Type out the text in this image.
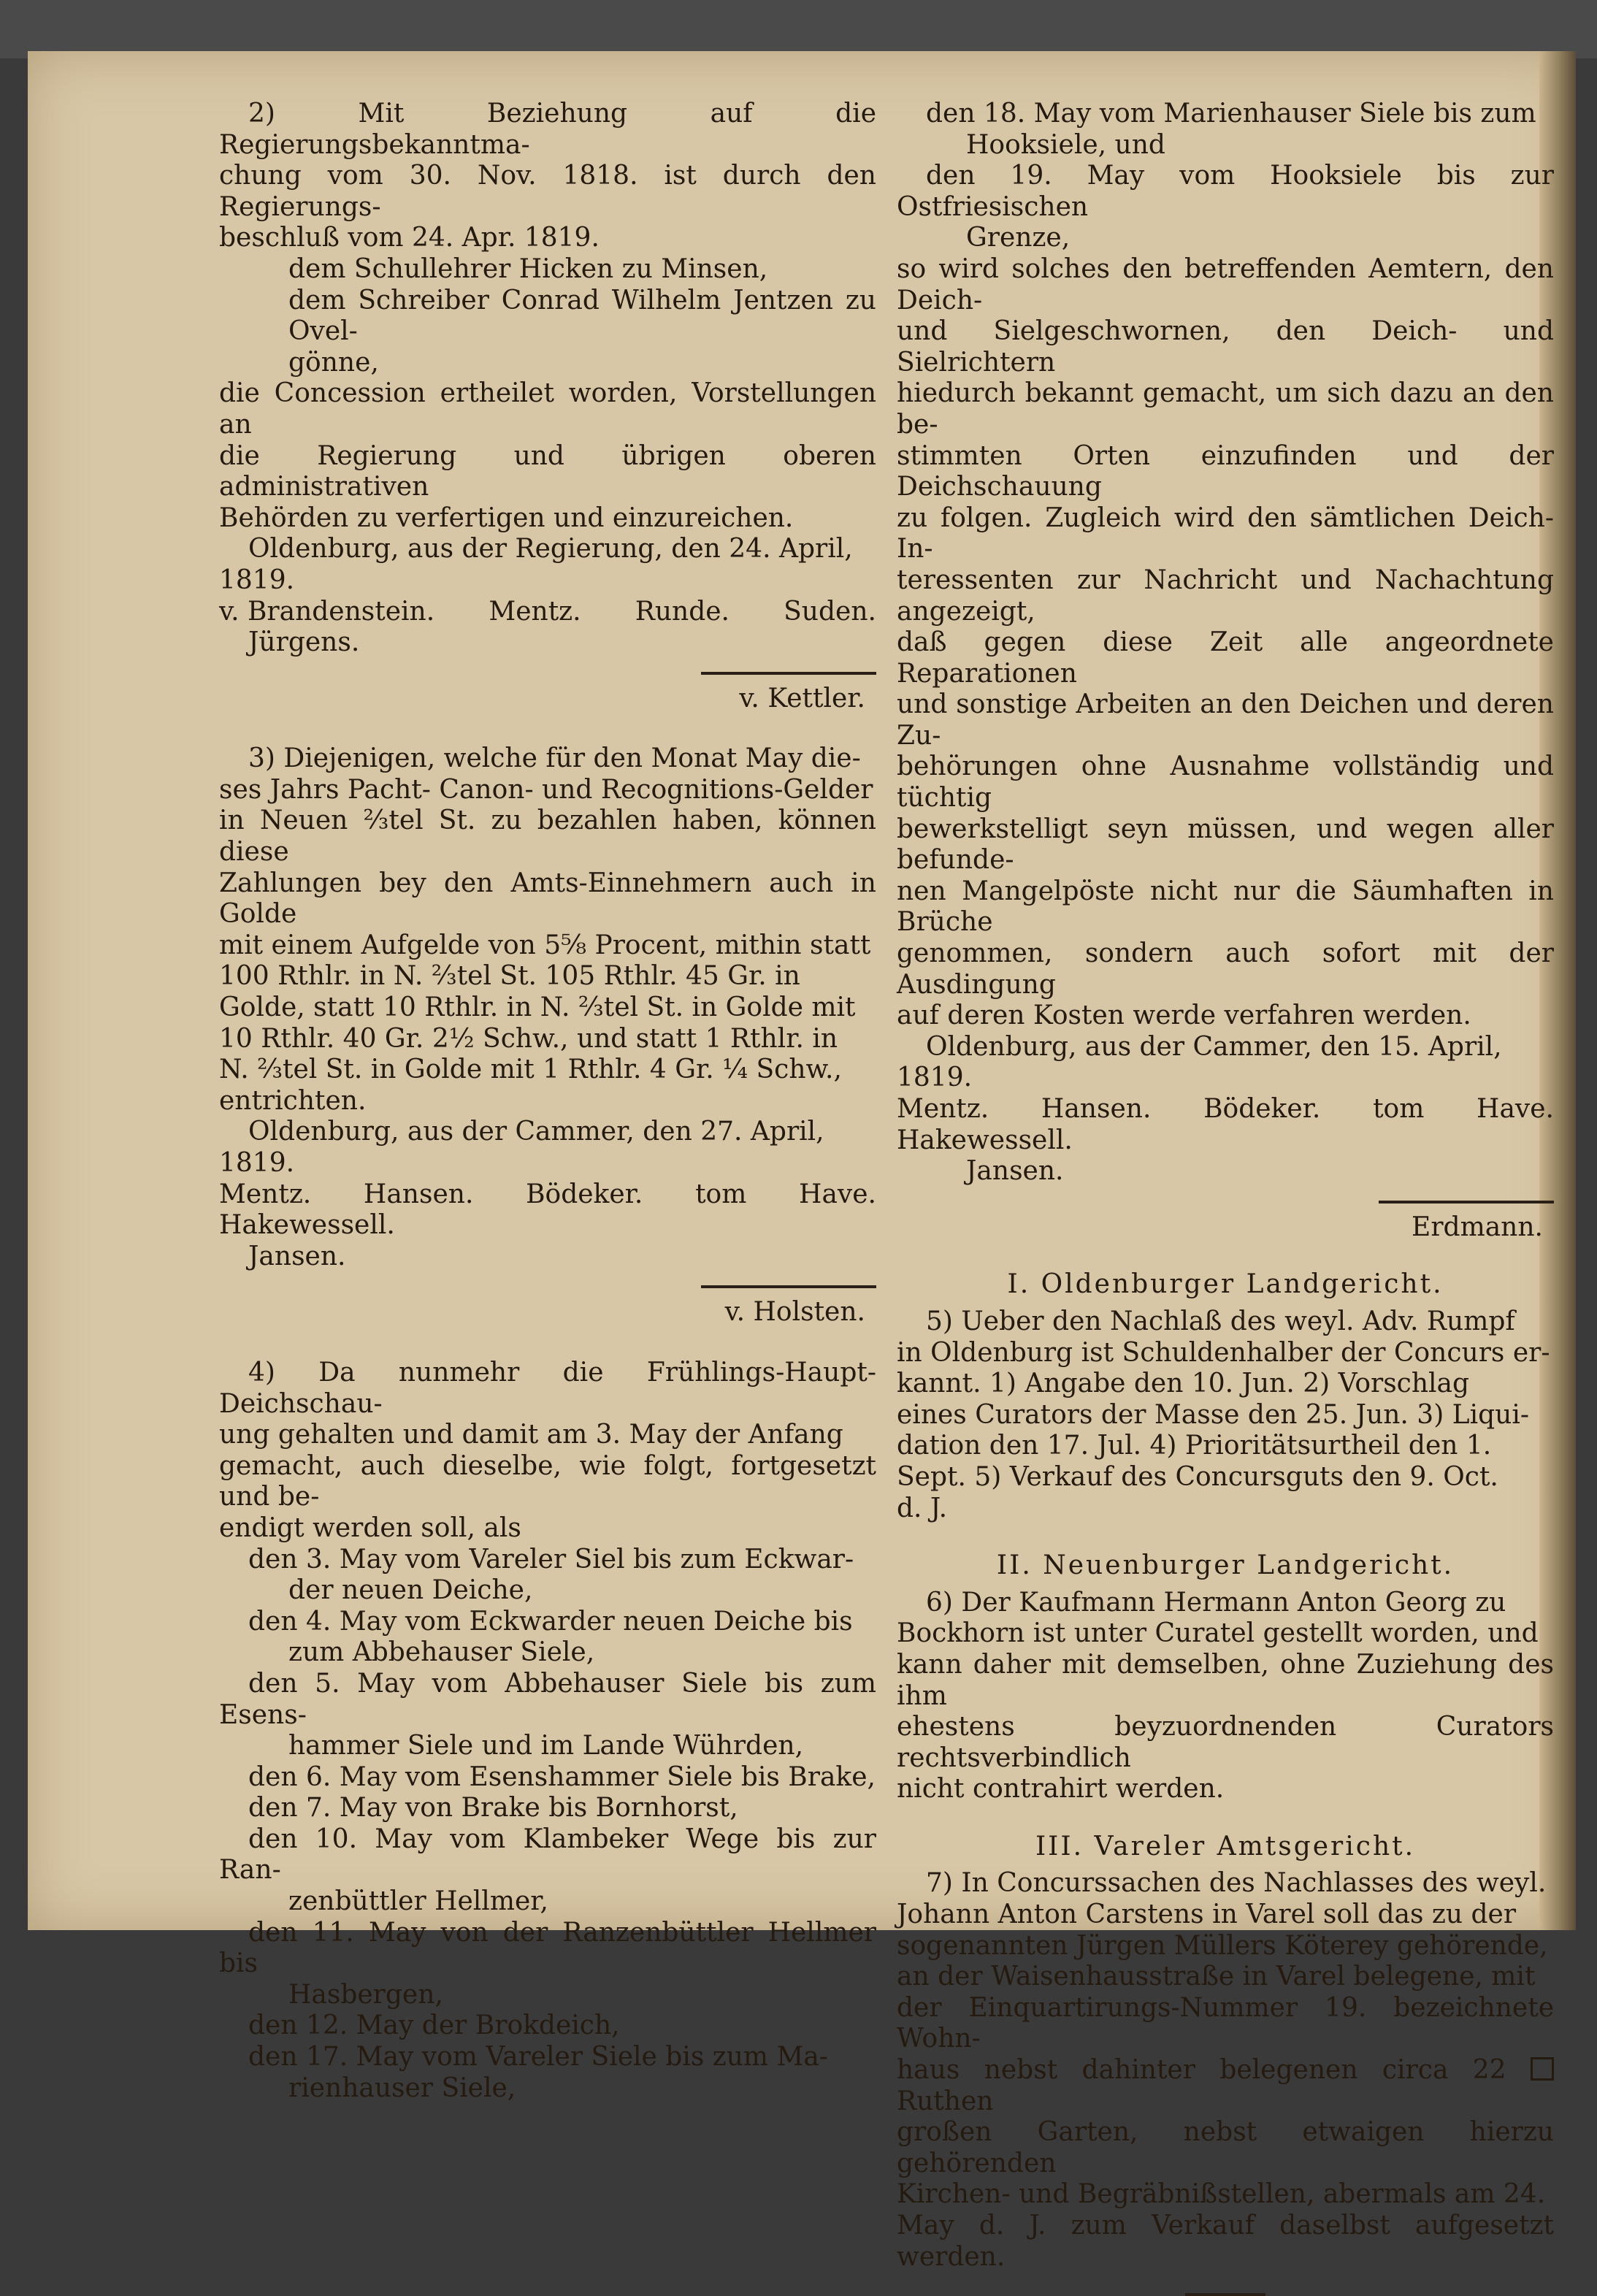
2) Mit Beziehung auf die Regierungsbekanntma-

chung vom 30. Nov. 1818. ist durch den Regierungs-

beschluß vom 24. Apr. 1819.

dem Schullehrer Hicken zu Minsen,

dem Schreiber Conrad Wilhelm Jentzen zu Ovel-

gönne,

die Concession ertheilet worden, Vorstellungen an

die Regierung und übrigen oberen administrativen

Behörden zu verfertigen und einzureichen.

Oldenburg, aus der Regierung, den 24. April,

1819.

v. Brandenstein. Mentz. Runde. Suden.

Jürgens.

v. Kettler.

3) Diejenigen, welche für den Monat May die-

ses Jahrs Pacht- Canon- und Recognitions-Gelder

in Neuen ⅔tel St. zu bezahlen haben, können diese

Zahlungen bey den Amts-Einnehmern auch in Golde

mit einem Aufgelde von 5⅝ Procent, mithin statt

100 Rthlr. in N. ⅔tel St. 105 Rthlr. 45 Gr. in

Golde, statt 10 Rthlr. in N. ⅔tel St. in Golde mit

10 Rthlr. 40 Gr. 2½ Schw., und statt 1 Rthlr. in

N. ⅔tel St. in Golde mit 1 Rthlr. 4 Gr. ¼ Schw.,

entrichten.

Oldenburg, aus der Cammer, den 27. April,

1819.

Mentz. Hansen. Bödeker. tom Have. Hakewessell.

Jansen.

v. Holsten.

4) Da nunmehr die Frühlings-Haupt-Deichschau-

ung gehalten und damit am 3. May der Anfang

gemacht, auch dieselbe, wie folgt, fortgesetzt und be-

endigt werden soll, als

den 3. May vom Vareler Siel bis zum Eckwar-

der neuen Deiche,

den 4. May vom Eckwarder neuen Deiche bis

zum Abbehauser Siele,

den 5. May vom Abbehauser Siele bis zum Esens-

hammer Siele und im Lande Wührden,

den 6. May vom Esenshammer Siele bis Brake,

den 7. May von Brake bis Bornhorst,

den 10. May vom Klambeker Wege bis zur Ran-

zenbüttler Hellmer,

den 11. May von der Ranzenbüttler Hellmer bis

Hasbergen,

den 12. May der Brokdeich,

den 17. May vom Vareler Siele bis zum Ma-

rienhauser Siele,

den 18. May vom Marienhauser Siele bis zum

Hooksiele, und

den 19. May vom Hooksiele bis zur Ostfriesischen

Grenze,

so wird solches den betreffenden Aemtern, den Deich-

und Sielgeschwornen, den Deich- und Sielrichtern

hiedurch bekannt gemacht, um sich dazu an den be-

stimmten Orten einzufinden und der Deichschauung

zu folgen. Zugleich wird den sämtlichen Deich-In-

teressenten zur Nachricht und Nachachtung angezeigt,

daß gegen diese Zeit alle angeordnete Reparationen

und sonstige Arbeiten an den Deichen und deren Zu-

behörungen ohne Ausnahme vollständig und tüchtig

bewerkstelligt seyn müssen, und wegen aller befunde-

nen Mangelpöste nicht nur die Säumhaften in Brüche

genommen, sondern auch sofort mit der Ausdingung

auf deren Kosten werde verfahren werden.

Oldenburg, aus der Cammer, den 15. April,

1819.

Mentz. Hansen. Bödeker. tom Have. Hakewessell.

Jansen.

Erdmann.

I. Oldenburger Landgericht.

5) Ueber den Nachlaß des weyl. Adv. Rumpf

in Oldenburg ist Schuldenhalber der Concurs er-

kannt. 1) Angabe den 10. Jun. 2) Vorschlag

eines Curators der Masse den 25. Jun. 3) Liqui-

dation den 17. Jul. 4) Prioritätsurtheil den 1.

Sept. 5) Verkauf des Concursguts den 9. Oct.

d. J.

II. Neuenburger Landgericht.

6) Der Kaufmann Hermann Anton Georg zu

Bockhorn ist unter Curatel gestellt worden, und

kann daher mit demselben, ohne Zuziehung des ihm

ehestens beyzuordnenden Curators rechtsverbindlich

nicht contrahirt werden.

III. Vareler Amtsgericht.

7) In Concurssachen des Nachlasses des weyl.

Johann Anton Carstens in Varel soll das zu der

sogenannten Jürgen Müllers Köterey gehörende,

an der Waisenhausstraße in Varel belegene, mit

der Einquartirungs-Nummer 19. bezeichnete Wohn-

haus nebst dahinter belegenen circa 22  Ruthen

großen Garten, nebst etwaigen hierzu gehörenden

Kirchen- und Begräbnißstellen, abermals am 24.

May d. J. zum Verkauf daselbst aufgesetzt werden.
